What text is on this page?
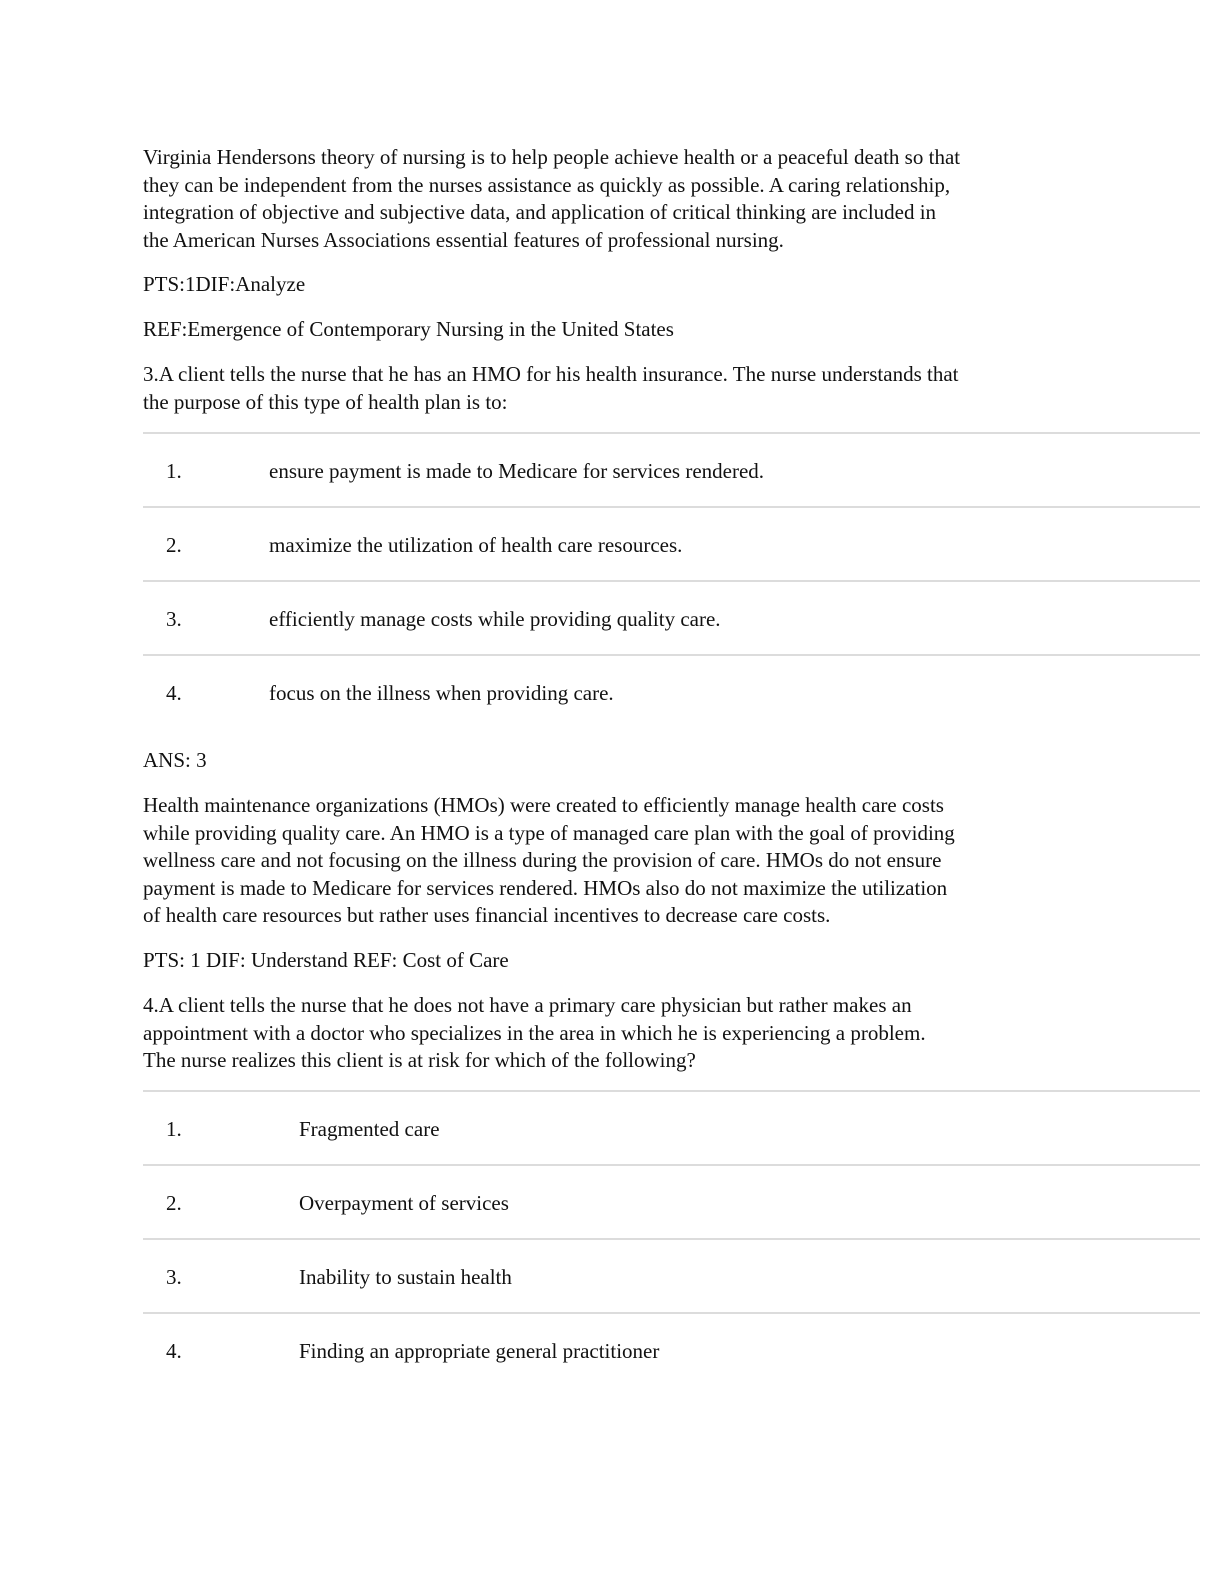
Virginia Hendersons theory of nursing is to help people achieve health or a peaceful death so that
they can be independent from the nurses assistance as quickly as possible. A caring relationship,
integration of objective and subjective data, and application of critical thinking are included in
the American Nurses Associations essential features of professional nursing.

PTS:1DIF:Analyze

REF:Emergence of Contemporary Nursing in the United States

3.A client tells the nurse that he has an HMO for his health insurance. The nurse understands that
the purpose of this type of health plan is to:

1.	ensure payment is made to Medicare for services rendered.
2.	maximize the utilization of health care resources.
3.	efficiently manage costs while providing quality care.
4.	focus on the illness when providing care.

ANS: 3

Health maintenance organizations (HMOs) were created to efficiently manage health care costs
while providing quality care. An HMO is a type of managed care plan with the goal of providing
wellness care and not focusing on the illness during the provision of care. HMOs do not ensure
payment is made to Medicare for services rendered. HMOs also do not maximize the utilization
of health care resources but rather uses financial incentives to decrease care costs.

PTS: 1 DIF: Understand REF: Cost of Care

4.A client tells the nurse that he does not have a primary care physician but rather makes an
appointment with a doctor who specializes in the area in which he is experiencing a problem.
The nurse realizes this client is at risk for which of the following?

1.	Fragmented care
2.	Overpayment of services
3.	Inability to sustain health
4.	Finding an appropriate general practitioner
